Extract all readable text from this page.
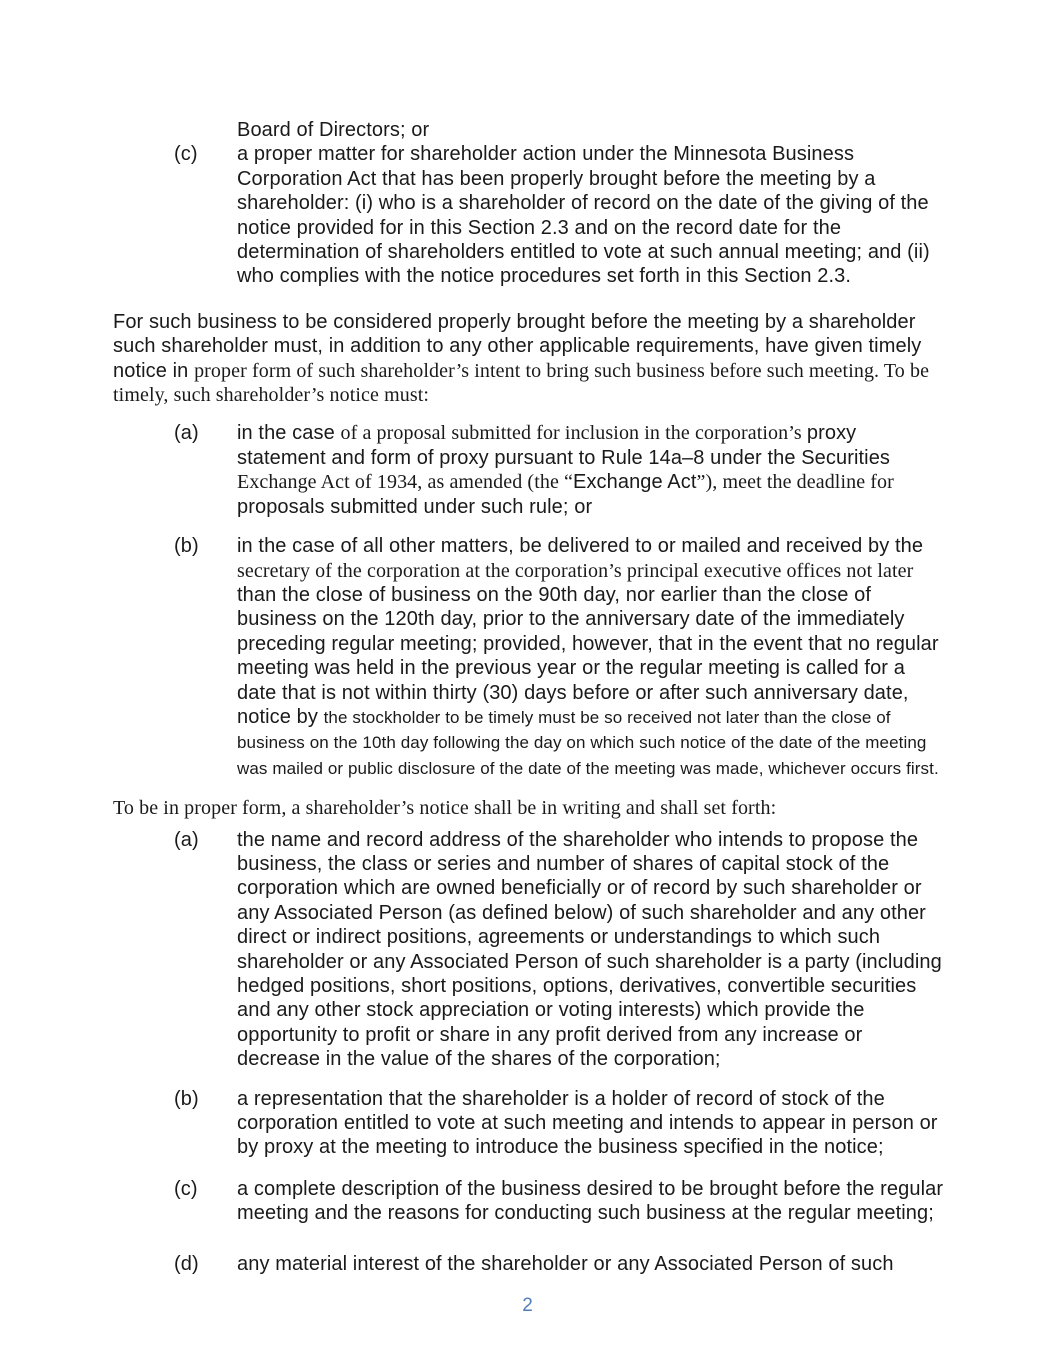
Board of Directors; or
(c) a proper matter for shareholder action under the Minnesota Business Corporation Act that has been properly brought before the meeting by a shareholder: (i) who is a shareholder of record on the date of the giving of the notice provided for in this Section 2.3 and on the record date for the determination of shareholders entitled to vote at such annual meeting; and (ii) who complies with the notice procedures set forth in this Section 2.3.
For such business to be considered properly brought before the meeting by a shareholder such shareholder must, in addition to any other applicable requirements, have given timely notice in proper form of such shareholder’s intent to bring such business before such meeting. To be timely, such shareholder’s notice must:
(a) in the case of a proposal submitted for inclusion in the corporation’s proxy statement and form of proxy pursuant to Rule 14a–8 under the Securities Exchange Act of 1934, as amended (the “Exchange Act”), meet the deadline for proposals submitted under such rule; or
(b) in the case of all other matters, be delivered to or mailed and received by the secretary of the corporation at the corporation’s principal executive offices not later than the close of business on the 90th day, nor earlier than the close of business on the 120th day, prior to the anniversary date of the immediately preceding regular meeting; provided, however, that in the event that no regular meeting was held in the previous year or the regular meeting is called for a date that is not within thirty (30) days before or after such anniversary date, notice by the stockholder to be timely must be so received not later than the close of business on the 10th day following the day on which such notice of the date of the meeting was mailed or public disclosure of the date of the meeting was made, whichever occurs first.
To be in proper form, a shareholder’s notice shall be in writing and shall set forth:
(a) the name and record address of the shareholder who intends to propose the business, the class or series and number of shares of capital stock of the corporation which are owned beneficially or of record by such shareholder or any Associated Person (as defined below) of such shareholder and any other direct or indirect positions, agreements or understandings to which such shareholder or any Associated Person of such shareholder is a party (including hedged positions, short positions, options, derivatives, convertible securities and any other stock appreciation or voting interests) which provide the opportunity to profit or share in any profit derived from any increase or decrease in the value of the shares of the corporation;
(b) a representation that the shareholder is a holder of record of stock of the corporation entitled to vote at such meeting and intends to appear in person or by proxy at the meeting to introduce the business specified in the notice;
(c) a complete description of the business desired to be brought before the regular meeting and the reasons for conducting such business at the regular meeting;
(d) any material interest of the shareholder or any Associated Person of such
2
